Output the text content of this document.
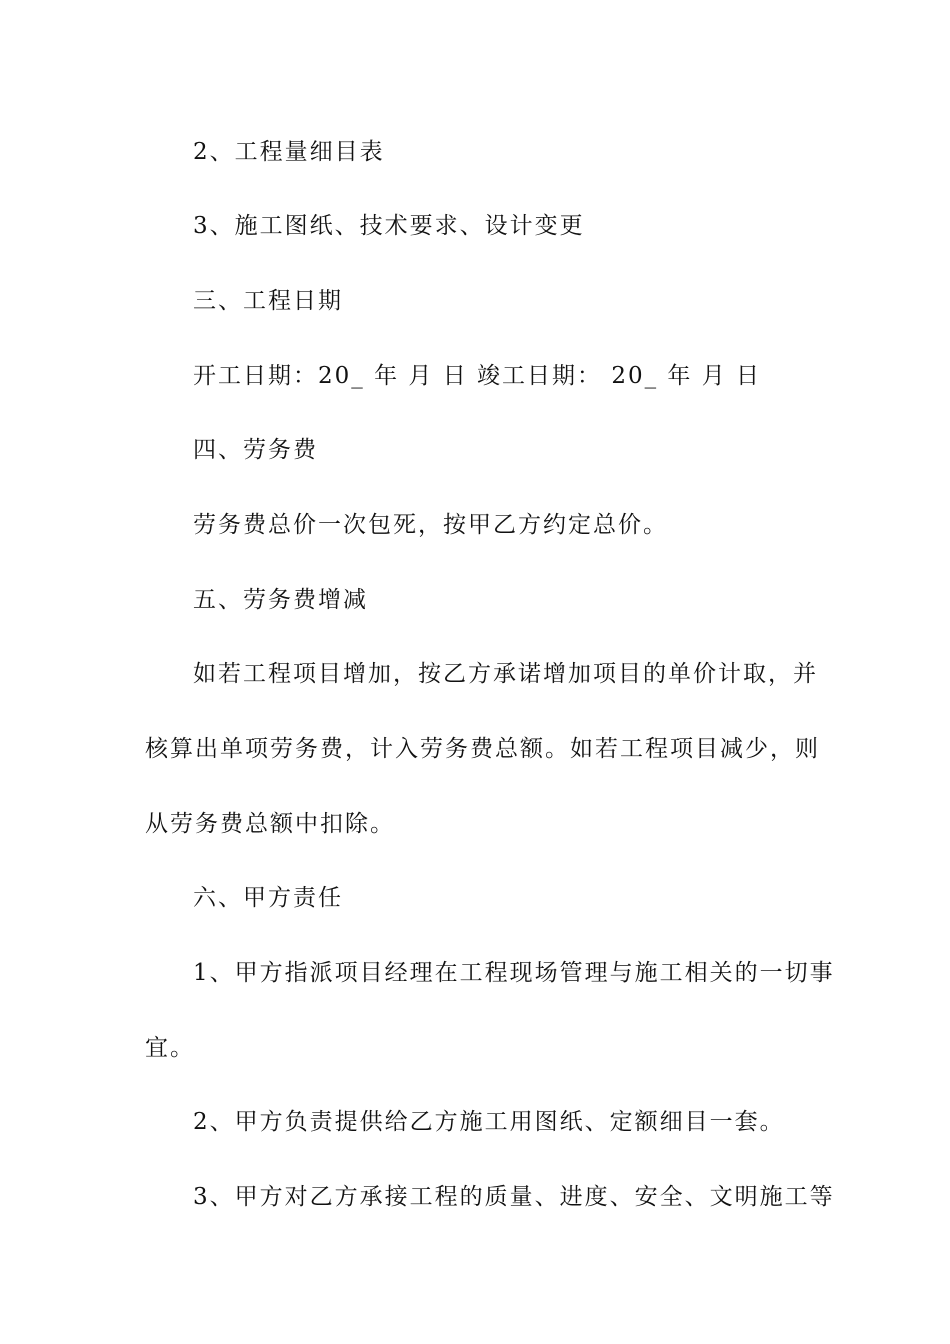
2、工程量细目表
3、施工图纸、技术要求、设计变更
三、工程日期
开工日期：20_ 年 月 日 竣工日期： 20_ 年 月 日
四、劳务费
劳务费总价一次包死，按甲乙方约定总价。
五、劳务费增减
如若工程项目增加，按乙方承诺增加项目的单价计取，并
核算出单项劳务费，计入劳务费总额。如若工程项目减少，则
从劳务费总额中扣除。
六、甲方责任
1、甲方指派项目经理在工程现场管理与施工相关的一切事
宜。
2、甲方负责提供给乙方施工用图纸、定额细目一套。
3、甲方对乙方承接工程的质量、进度、安全、文明施工等
